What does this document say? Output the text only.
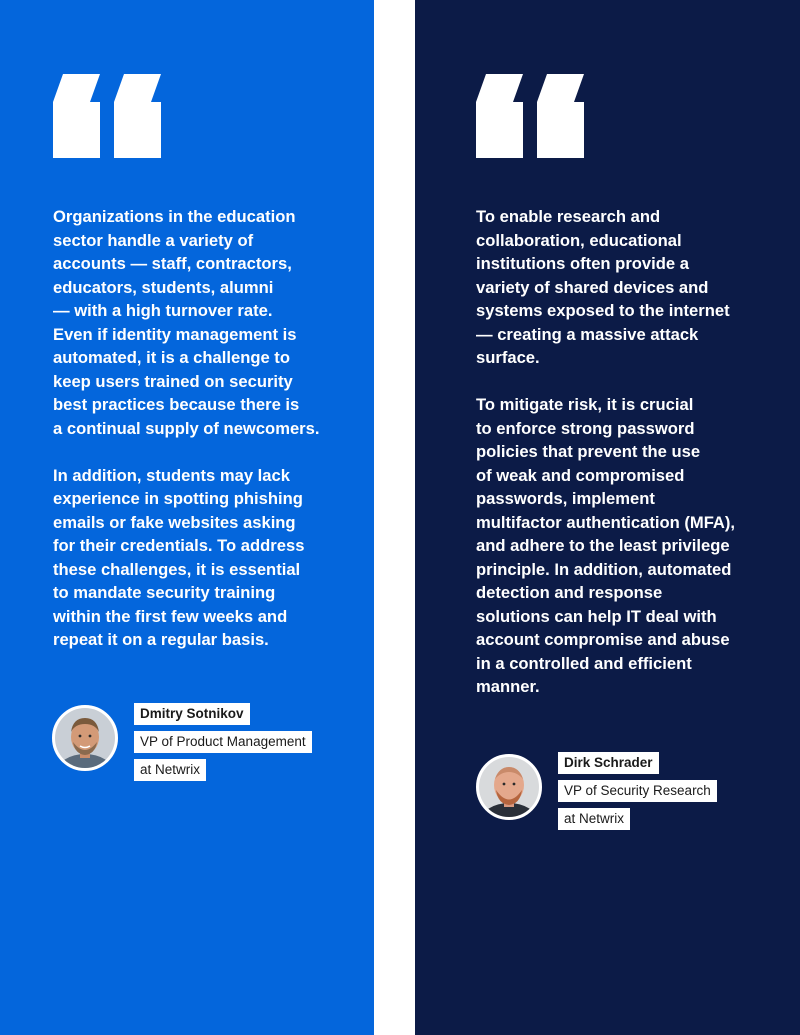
Organizations in the education
sector handle a variety of
accounts — staff, contractors,
educators, students, alumni
— with a high turnover rate.
Even if identity management is
automated, it is a challenge to
keep users trained on security
best practices because there is
a continual supply of newcomers.

In addition, students may lack
experience in spotting phishing
emails or fake websites asking
for their credentials. To address
these challenges, it is essential
to mandate security training
within the first few weeks and
repeat it on a regular basis.

Dmitry Sotnikov
VP of Product Management
at Netwrix

To enable research and
collaboration, educational
institutions often provide a
variety of shared devices and
systems exposed to the internet
— creating a massive attack
surface.

To mitigate risk, it is crucial
to enforce strong password
policies that prevent the use
of weak and compromised
passwords, implement
multifactor authentication (MFA),
and adhere to the least privilege
principle. In addition, automated
detection and response
solutions can help IT deal with
account compromise and abuse
in a controlled and efficient
manner.

Dirk Schrader
VP of Security Research
at Netwrix
